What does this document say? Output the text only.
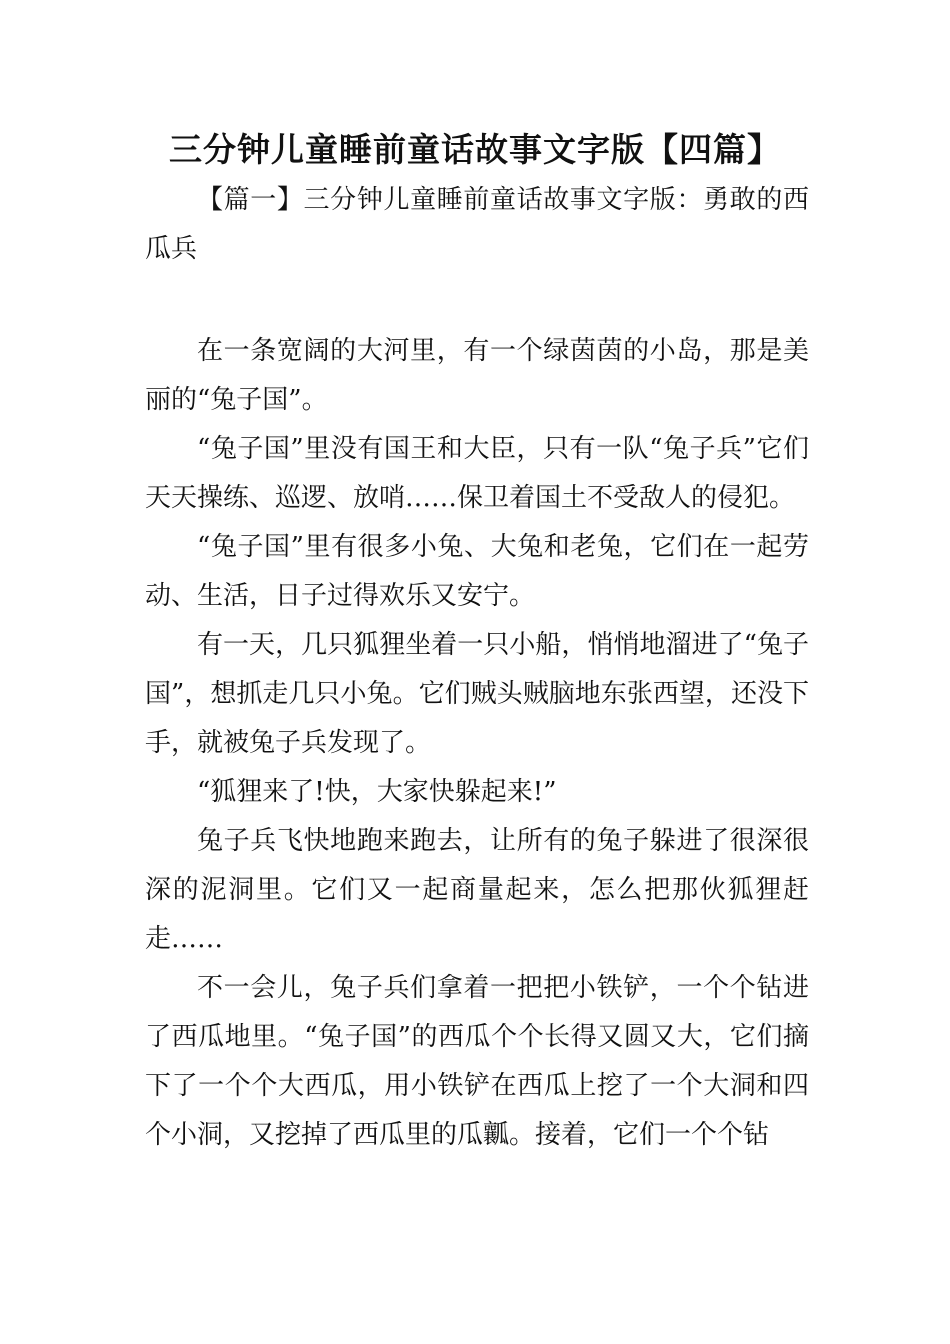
三分钟儿童睡前童话故事文字版【四篇】

【篇一】三分钟儿童睡前童话故事文字版：勇敢的西瓜兵

在一条宽阔的大河里，有一个绿茵茵的小岛，那是美丽的“兔子国”。

“兔子国”里没有国王和大臣，只有一队“兔子兵”它们天天操练、巡逻、放哨……保卫着国土不受敌人的侵犯。

“兔子国”里有很多小兔、大兔和老兔，它们在一起劳动、生活，日子过得欢乐又安宁。

有一天，几只狐狸坐着一只小船，悄悄地溜进了“兔子国”，想抓走几只小兔。它们贼头贼脑地东张西望，还没下手，就被兔子兵发现了。

“狐狸来了!快，大家快躲起来!”

兔子兵飞快地跑来跑去，让所有的兔子躲进了很深很深的泥洞里。它们又一起商量起来，怎么把那伙狐狸赶走……

不一会儿，兔子兵们拿着一把把小铁铲，一个个钻进了西瓜地里。“兔子国”的西瓜个个长得又圆又大，它们摘下了一个个大西瓜，用小铁铲在西瓜上挖了一个大洞和四个小洞，又挖掉了西瓜里的瓜瓤。接着，它们一个个钻
